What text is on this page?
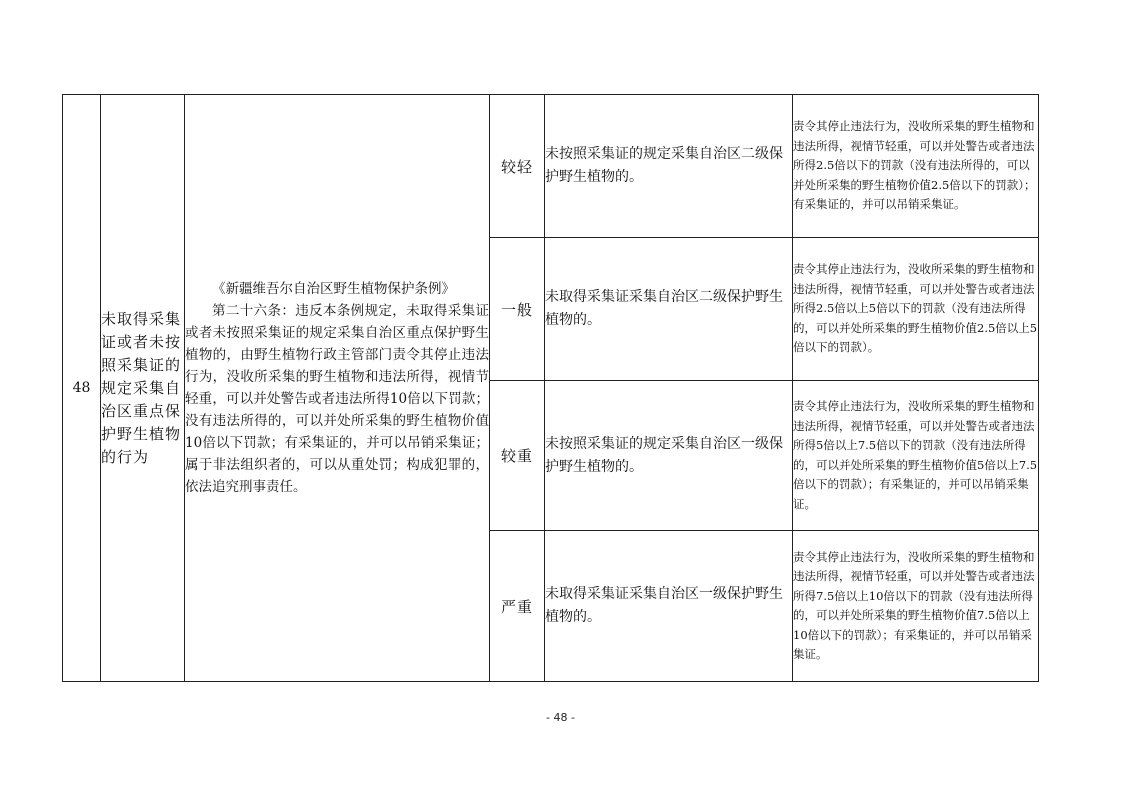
48	未取得采集证或者未按照采集证的规定采集自治区重点保护野生植物的行为	《新疆维吾尔自治区野生植物保护条例》

第二十六条：违反本条例规定，未取得采集证或者未按照采集证的规定采集自治区重点保护野生植物的，由野生植物行政主管部门责令其停止违法行为，没收所采集的野生植物和违法所得，视情节轻重，可以并处警告或者违法所得10倍以下罚款；没有违法所得的，可以并处所采集的野生植物价值10倍以下罚款；有采集证的，并可以吊销采集证；属于非法组织者的，可以从重处罚；构成犯罪的，依法追究刑事责任。	较轻	未按照采集证的规定采集自治区二级保护野生植物的。	责令其停止违法行为，没收所采集的野生植物和违法所得，视情节轻重，可以并处警告或者违法所得2.5倍以下的罚款（没有违法所得的，可以并处所采集的野生植物价值2.5倍以下的罚款）；有采集证的，并可以吊销采集证。
			一般	未取得采集证采集自治区二级保护野生植物的。	责令其停止违法行为，没收所采集的野生植物和违法所得，视情节轻重，可以并处警告或者违法所得2.5倍以上5倍以下的罚款（没有违法所得的，可以并处所采集的野生植物价值2.5倍以上5倍以下的罚款）。
			较重	未按照采集证的规定采集自治区一级保护野生植物的。	责令其停止违法行为，没收所采集的野生植物和违法所得，视情节轻重，可以并处警告或者违法所得5倍以上7.5倍以下的罚款（没有违法所得的，可以并处所采集的野生植物价值5倍以上7.5倍以下的罚款）；有采集证的，并可以吊销采集证。
			严重	未取得采集证采集自治区一级保护野生植物的。	责令其停止违法行为，没收所采集的野生植物和违法所得，视情节轻重，可以并处警告或者违法所得7.5倍以上10倍以下的罚款（没有违法所得的，可以并处所采集的野生植物价值7.5倍以上10倍以下的罚款）；有采集证的，并可以吊销采集证。
- 48 -
